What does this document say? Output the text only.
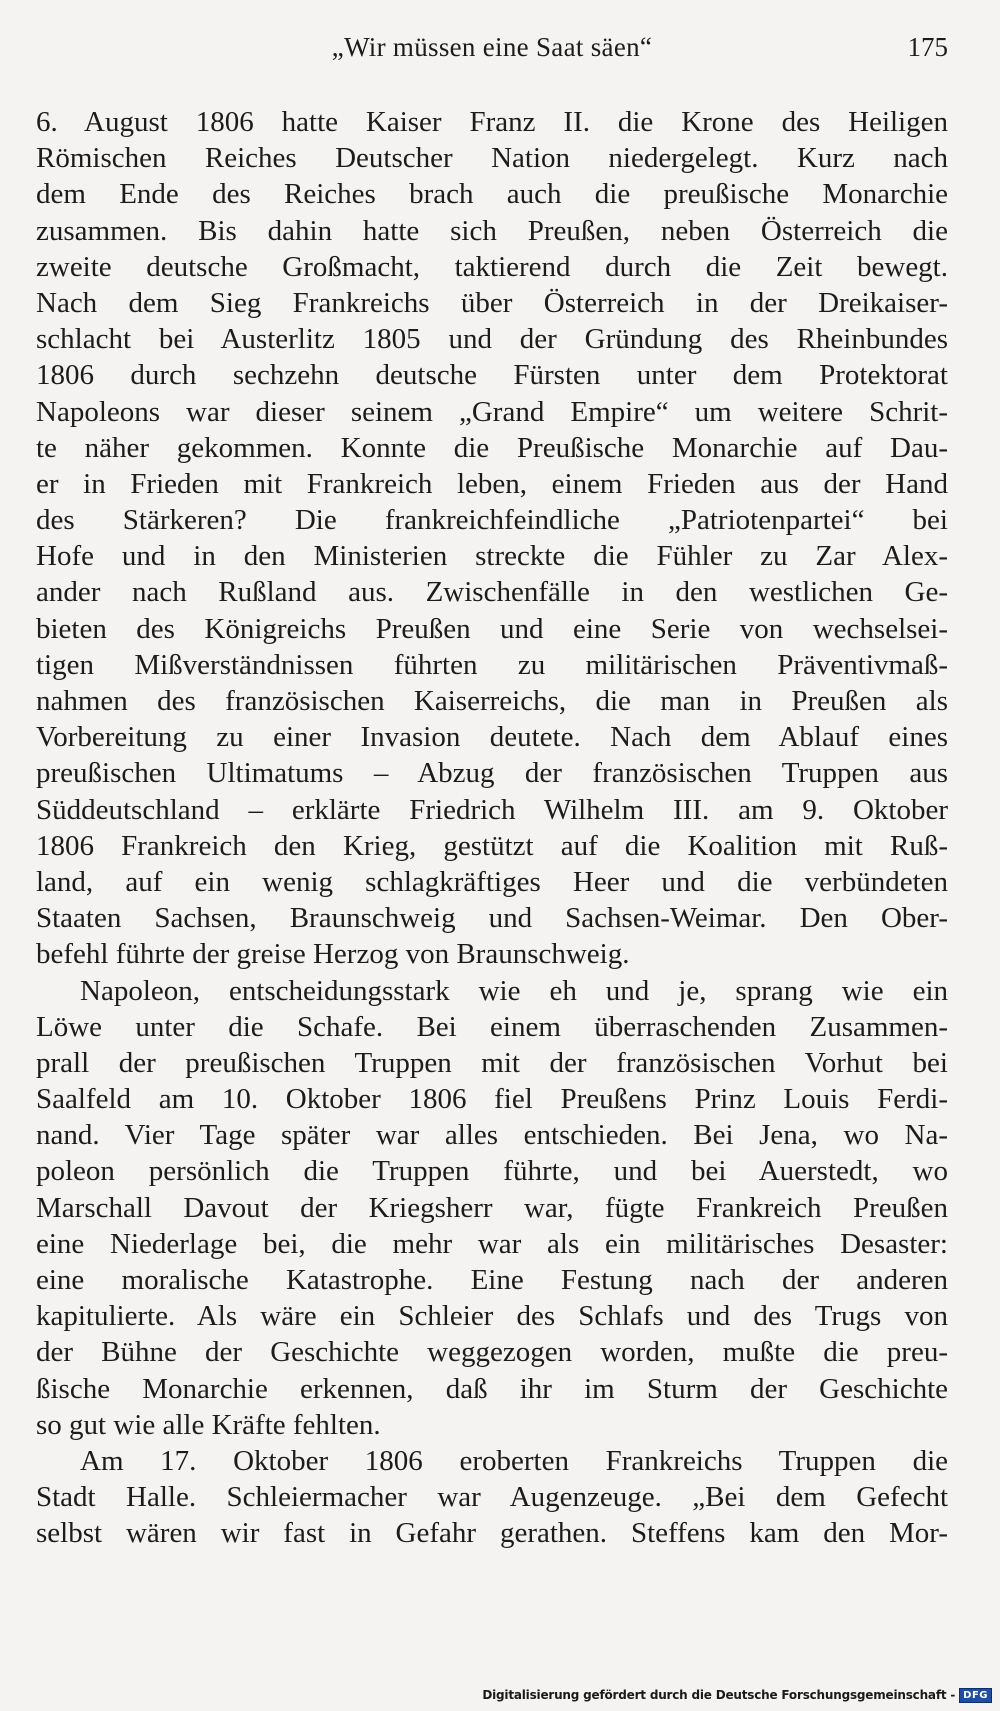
„Wir müssen eine Saat säen“	175
6. August 1806 hatte Kaiser Franz II. die Krone des Heiligen
Römischen Reiches Deutscher Nation niedergelegt. Kurz nach
dem Ende des Reiches brach auch die preußische Monarchie
zusammen. Bis dahin hatte sich Preußen, neben Österreich die
zweite deutsche Großmacht, taktierend durch die Zeit bewegt.
Nach dem Sieg Frankreichs über Österreich in der Dreikaiser-
schlacht bei Austerlitz 1805 und der Gründung des Rheinbundes
1806 durch sechzehn deutsche Fürsten unter dem Protektorat
Napoleons war dieser seinem „Grand Empire“ um weitere Schrit-
te näher gekommen. Konnte die Preußische Monarchie auf Dau-
er in Frieden mit Frankreich leben, einem Frieden aus der Hand
des Stärkeren? Die frankreichfeindliche „Patriotenpartei“ bei
Hofe und in den Ministerien streckte die Fühler zu Zar Alex-
ander nach Rußland aus. Zwischenfälle in den westlichen Ge-
bieten des Königreichs Preußen und eine Serie von wechselsei-
tigen Mißverständnissen führten zu militärischen Präventivmaß-
nahmen des französischen Kaiserreichs, die man in Preußen als
Vorbereitung zu einer Invasion deutete. Nach dem Ablauf eines
preußischen Ultimatums – Abzug der französischen Truppen aus
Süddeutschland – erklärte Friedrich Wilhelm III. am 9. Oktober
1806 Frankreich den Krieg, gestützt auf die Koalition mit Ruß-
land, auf ein wenig schlagkräftiges Heer und die verbündeten
Staaten Sachsen, Braunschweig und Sachsen-Weimar. Den Ober-
befehl führte der greise Herzog von Braunschweig.
Napoleon, entscheidungsstark wie eh und je, sprang wie ein
Löwe unter die Schafe. Bei einem überraschenden Zusammen-
prall der preußischen Truppen mit der französischen Vorhut bei
Saalfeld am 10. Oktober 1806 fiel Preußens Prinz Louis Ferdi-
nand. Vier Tage später war alles entschieden. Bei Jena, wo Na-
poleon persönlich die Truppen führte, und bei Auerstedt, wo
Marschall Davout der Kriegsherr war, fügte Frankreich Preußen
eine Niederlage bei, die mehr war als ein militärisches Desaster:
eine moralische Katastrophe. Eine Festung nach der anderen
kapitulierte. Als wäre ein Schleier des Schlafs und des Trugs von
der Bühne der Geschichte weggezogen worden, mußte die preu-
ßische Monarchie erkennen, daß ihr im Sturm der Geschichte
so gut wie alle Kräfte fehlten.
Am 17. Oktober 1806 eroberten Frankreichs Truppen die
Stadt Halle. Schleiermacher war Augenzeuge. „Bei dem Gefecht
selbst wären wir fast in Gefahr gerathen. Steffens kam den Mor-
Digitalisierung gefördert durch die Deutsche Forschungsgemeinschaft - DFG
